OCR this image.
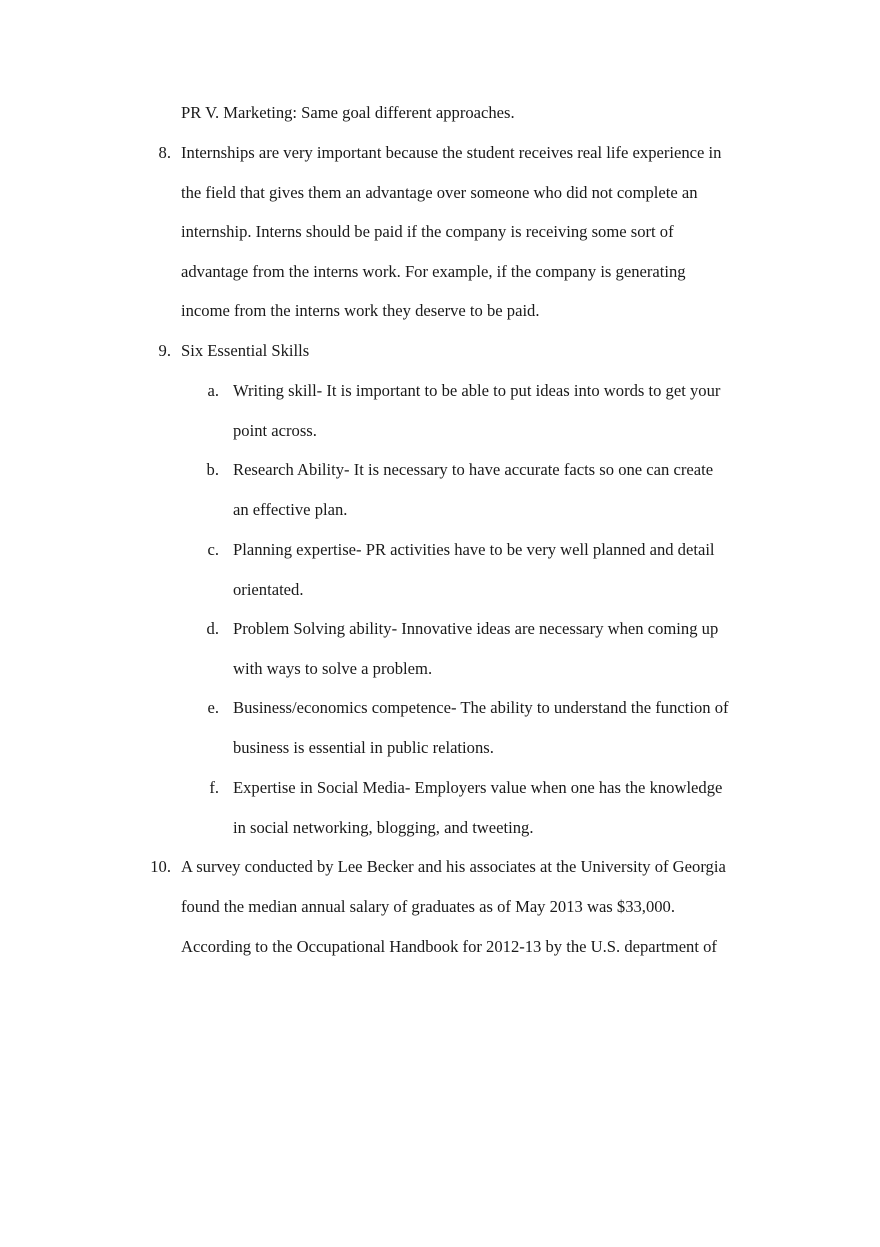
PR V. Marketing: Same goal different approaches.
8. Internships are very important because the student receives real life experience in
the field that gives them an advantage over someone who did not complete an
internship. Interns should be paid if the company is receiving some sort of
advantage from the interns work. For example, if the company is generating
income from the interns work they deserve to be paid.
9. Six Essential Skills
a. Writing skill- It is important to be able to put ideas into words to get your
point across.
b. Research Ability- It is necessary to have accurate facts so one can create
an effective plan.
c. Planning expertise- PR activities have to be very well planned and detail
orientated.
d. Problem Solving ability- Innovative ideas are necessary when coming up
with ways to solve a problem.
e. Business/economics competence- The ability to understand the function of
business is essential in public relations.
f. Expertise in Social Media- Employers value when one has the knowledge
in social networking, blogging, and tweeting.
10. A survey conducted by Lee Becker and his associates at the University of Georgia
found the median annual salary of graduates as of May 2013 was $33,000.
According to the Occupational Handbook for 2012-13 by the U.S. department of
